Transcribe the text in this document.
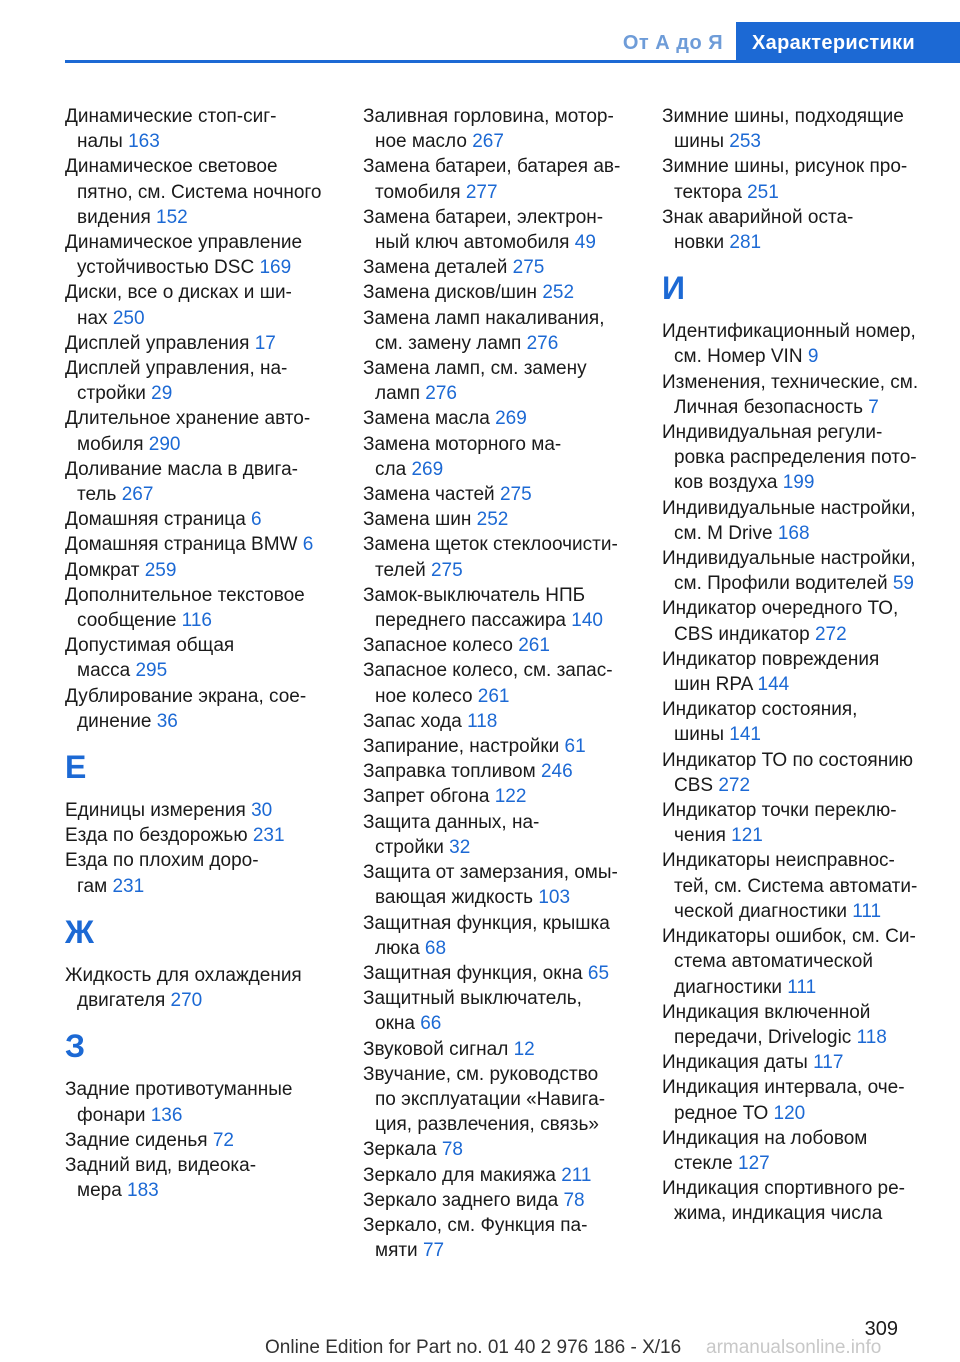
От А до Я	Характеристики
Динамические стоп-сиг-
налы 163
Динамическое световое
пятно, см. Система ночного
видения 152
Динамическое управление
устойчивостью DSC 169
Диски, все о дисках и ши-
нах 250
Дисплей управления 17
Дисплей управления, на-
стройки 29
Длительное хранение авто-
мобиля 290
Доливание масла в двига-
тель 267
Домашняя страница 6
Домашняя страница BMW 6
Домкрат 259
Дополнительное текстовое
сообщение 116
Допустимая общая
масса 295
Дублирование экрана, сое-
динение 36
Е
Единицы измерения 30
Езда по бездорожью 231
Езда по плохим доро-
гам 231
Ж
Жидкость для охлаждения
двигателя 270
З
Задние противотуманные
фонари 136
Задние сиденья 72
Задний вид, видеока-
мера 183
Заливная горловина, мотор-
ное масло 267
Замена батареи, батарея ав-
томобиля 277
Замена батареи, электрон-
ный ключ автомобиля 49
Замена деталей 275
Замена дисков/шин 252
Замена ламп накаливания,
см. замену ламп 276
Замена ламп, см. замену
ламп 276
Замена масла 269
Замена моторного ма-
сла 269
Замена частей 275
Замена шин 252
Замена щеток стеклоочисти-
телей 275
Замок-выключатель НПБ
переднего пассажира 140
Запасное колесо 261
Запасное колесо, см. запас-
ное колесо 261
Запас хода 118
Запирание, настройки 61
Заправка топливом 246
Запрет обгона 122
Защита данных, на-
стройки 32
Защита от замерзания, омы-
вающая жидкость 103
Защитная функция, крышка
люка 68
Защитная функция, окна 65
Защитный выключатель,
окна 66
Звуковой сигнал 12
Звучание, см. руководство
по эксплуатации «Навига-
ция, развлечения, связь»
Зеркала 78
Зеркало для макияжа 211
Зеркало заднего вида 78
Зеркало, см. Функция па-
мяти 77
Зимние шины, подходящие
шины 253
Зимние шины, рисунок про-
тектора 251
Знак аварийной оста-
новки 281
И
Идентификационный номер,
см. Номер VIN 9
Изменения, технические, см.
Личная безопасность 7
Индивидуальная регули-
ровка распределения пото-
ков воздуха 199
Индивидуальные настройки,
см. M Drive 168
Индивидуальные настройки,
см. Профили водителей 59
Индикатор очередного ТО,
CBS индикатор 272
Индикатор повреждения
шин RPA 144
Индикатор состояния,
шины 141
Индикатор ТО по состоянию
CBS 272
Индикатор точки переклю-
чения 121
Индикаторы неисправнос-
тей, см. Система автомати-
ческой диагностики 111
Индикаторы ошибок, см. Си-
стема автоматической
диагностики 111
Индикация включенной
передачи, Drivelogic 118
Индикация даты 117
Индикация интервала, оче-
редное ТО 120
Индикация на лобовом
стекле 127
Индикация спортивного ре-
жима, индикация числа
309
Online Edition for Part no. 01 40 2 976 186 - X/16 armanualsonline.info
